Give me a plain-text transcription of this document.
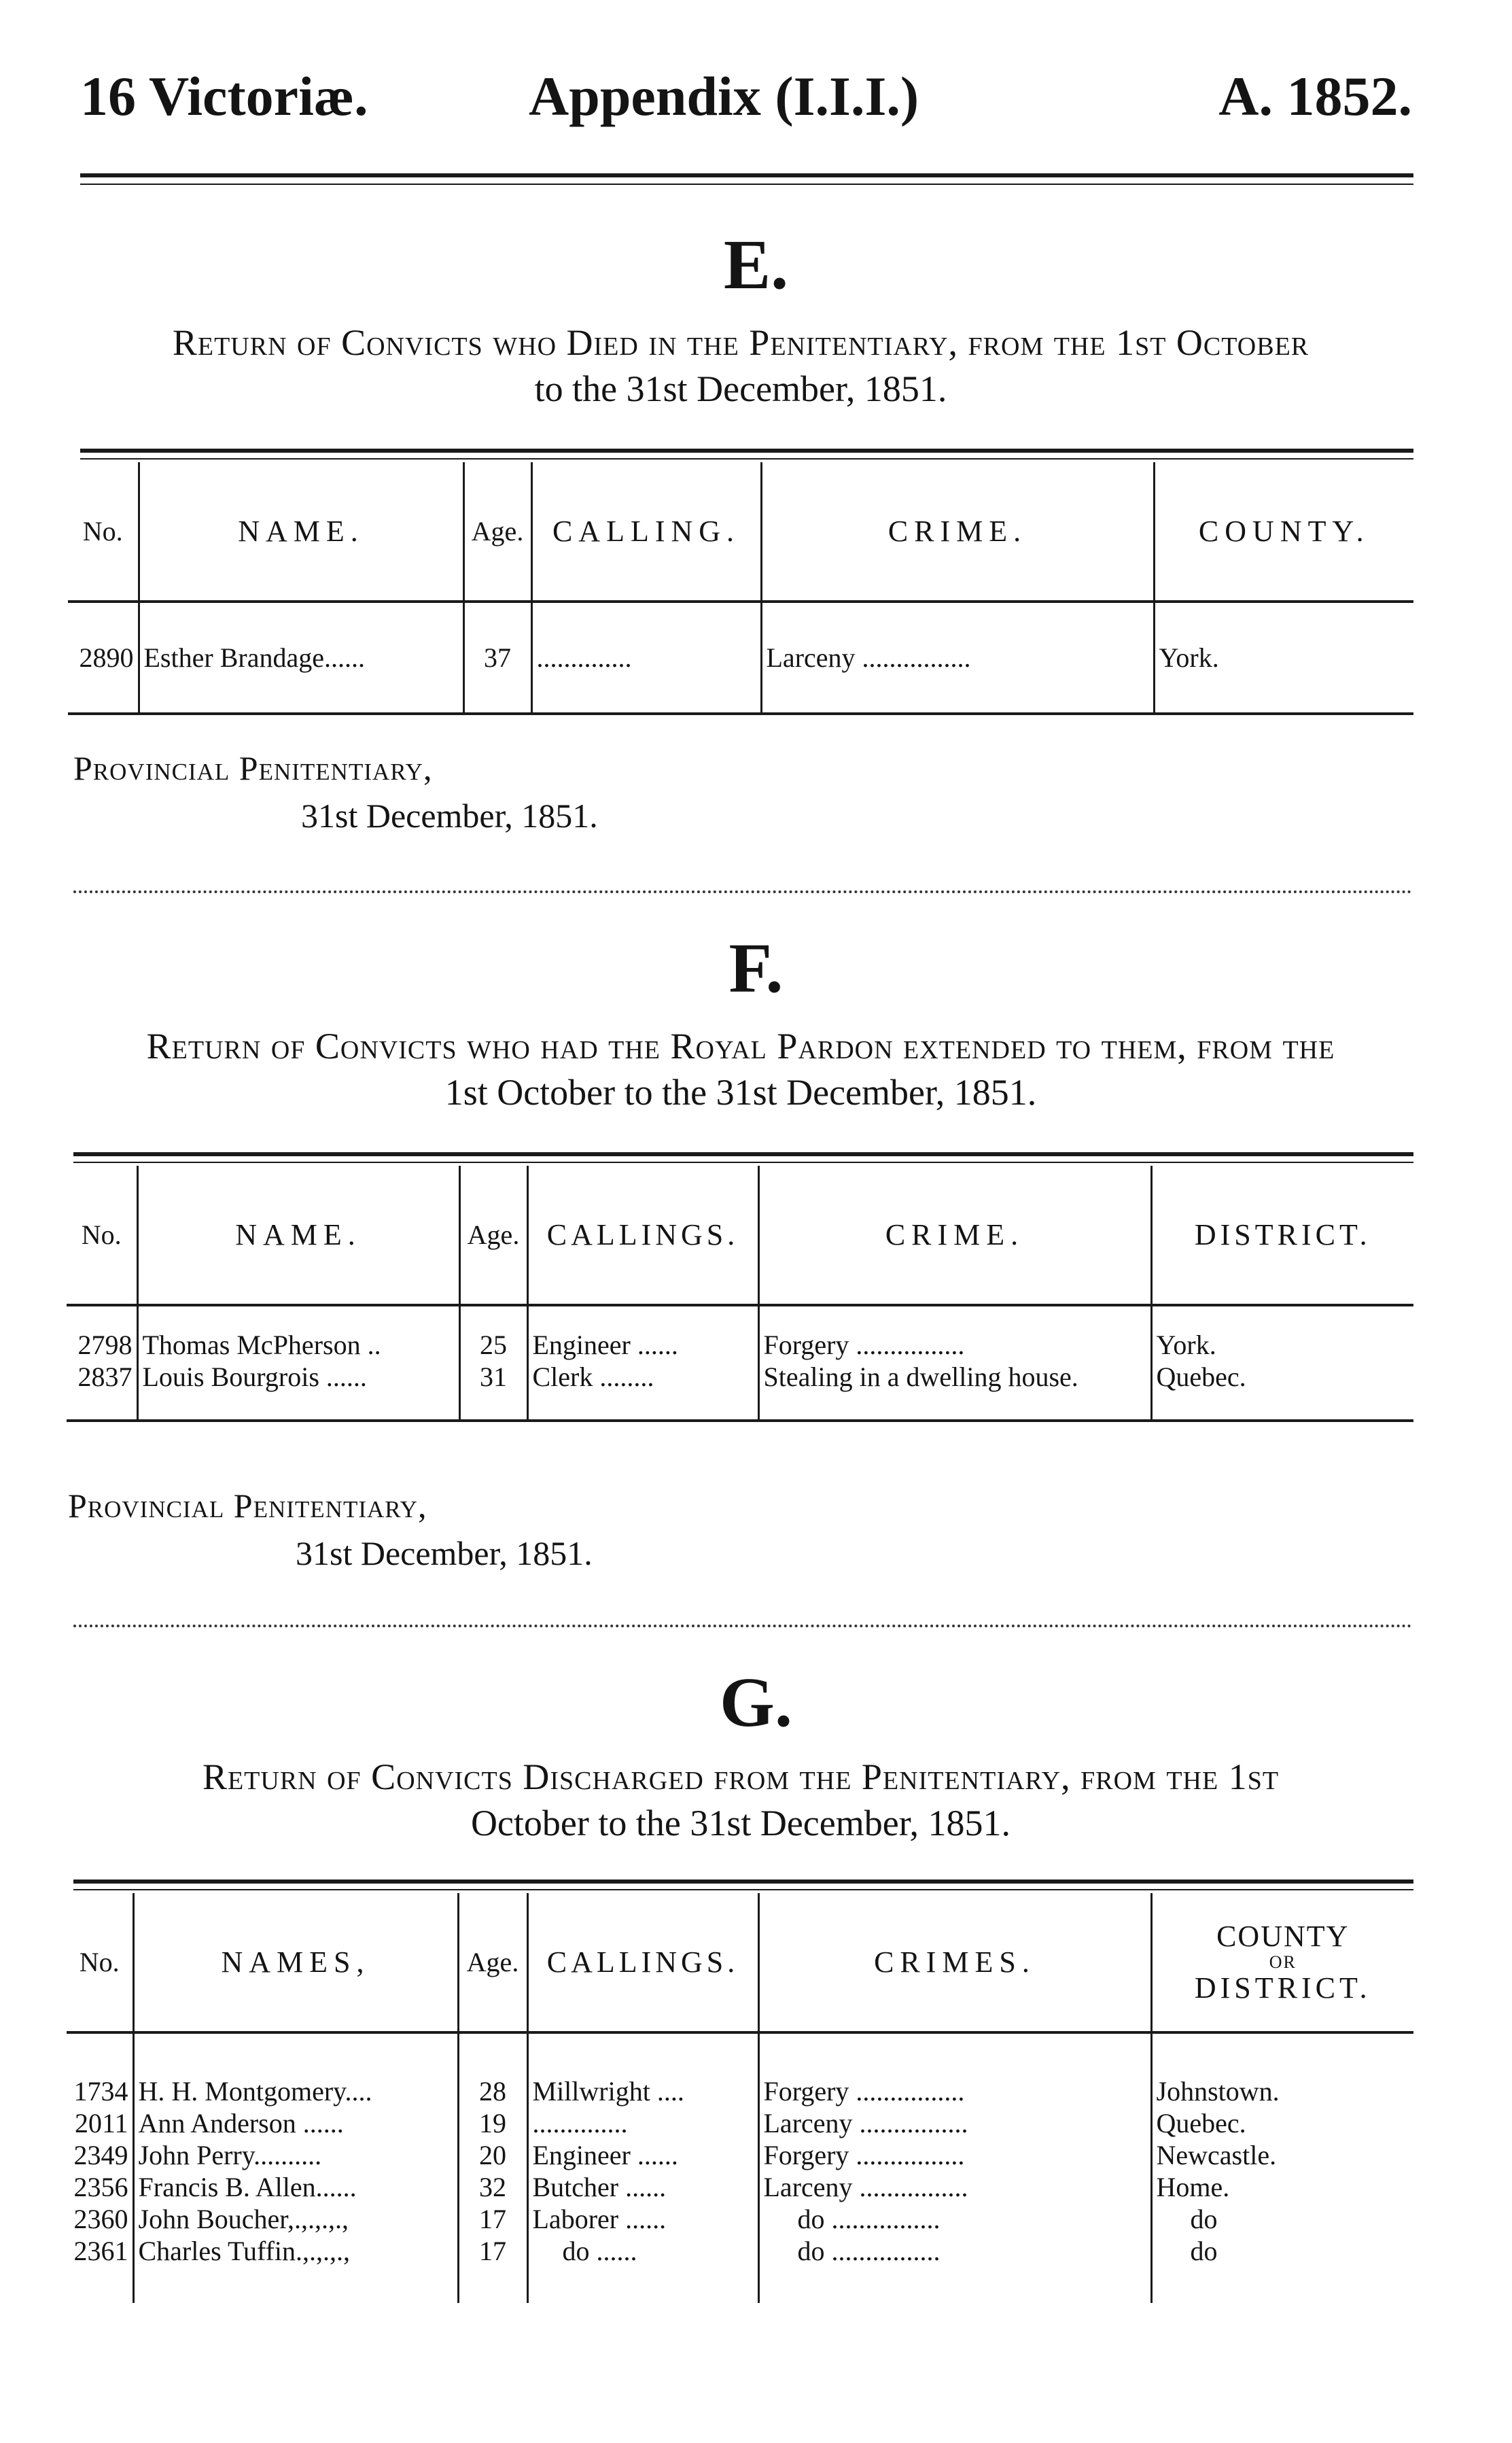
16 Victoriæ.	Appendix (I.I.I.)	A. 1852.
E.
Return of Convicts who Died in the Penitentiary, from the 1st October
to the 31st December, 1851.
No.	NAME.	Age.	CALLING.	CRIME.	COUNTY.
2890	Esther Brandage......	37	..............	Larceny ................	York.
Provincial Penitentiary,
31st December, 1851.
F.
Return of Convicts who had the Royal Pardon extended to them, from the
1st October to the 31st December, 1851.
No.	NAME.	Age.	CALLINGS.	CRIME.	DISTRICT.
2798	Thomas McPherson ..	25	Engineer ......	Forgery ................	York.
2837	Louis Bourgrois ......	31	Clerk ........	Stealing in a dwelling house.	Quebec.
Provincial Penitentiary,
31st December, 1851.
G.
Return of Convicts Discharged from the Penitentiary, from the 1st
October to the 31st December, 1851.
No.	NAMES,	Age.	CALLINGS.	CRIMES.	COUNTY
OR
DISTRICT.

1734	H. H. Montgomery....	28	Millwright ....	Forgery ................	Johnstown.
2011	Ann Anderson ......	19	..............	Larceny ................	Quebec.
2349	John Perry..........	20	Engineer ......	Forgery ................	Newcastle.
2356	Francis B. Allen......	32	Butcher ......	Larceny ................	Home.
2360	John Boucher,.,.,.,.,	17	Laborer ......	do ................	do
2361	Charles Tuffin.,.,.,.,	17	do ......	do ................	do
